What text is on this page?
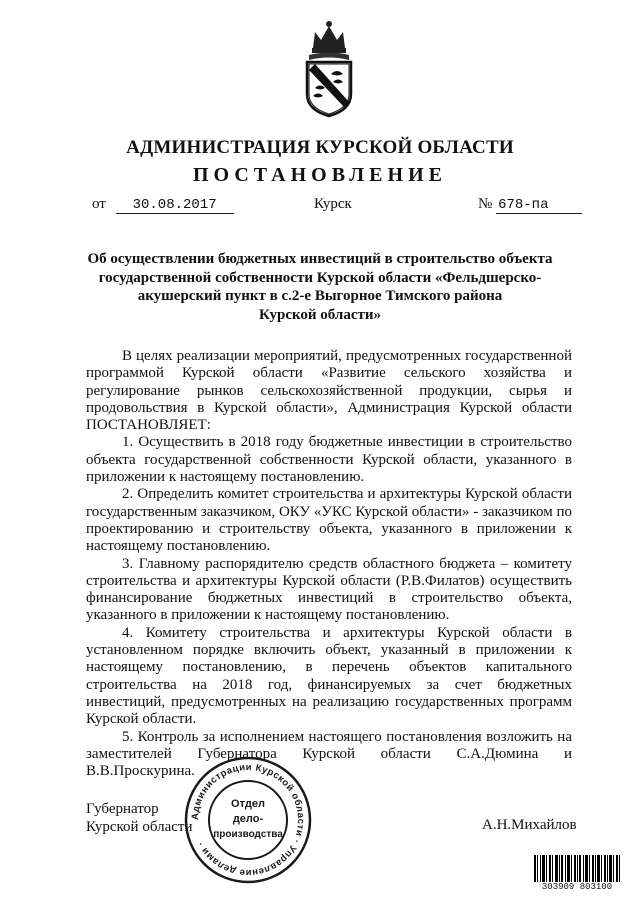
АДМИНИСТРАЦИЯ КУРСКОЙ ОБЛАСТИ
ПОСТАНОВЛЕНИЕ
от 30.08.2017	Курск	№ 678-па
Об осуществлении бюджетных инвестиций в строительство объекта
государственной собственности Курской области «Фельдшерско-
акушерский пункт в с.2-е Выгорное Тимского района
Курской области»

В целях реализации мероприятий, предусмотренных государственной программой Курской области «Развитие сельского хозяйства и регулирование рынков сельскохозяйственной продукции, сырья и продовольствия в Курской области», Администрация Курской области ПОСТАНОВЛЯЕТ:

1. Осуществить в 2018 году бюджетные инвестиции в строительство объекта государственной собственности Курской области, указанного в приложении к настоящему постановлению.

2. Определить комитет строительства и архитектуры Курской области государственным заказчиком, ОКУ «УКС Курской области» - заказчиком по проектированию и строительству объекта, указанного в приложении к настоящему постановлению.

3. Главному распорядителю средств областного бюджета – комитету строительства и архитектуры Курской области (Р.В.Филатов) осуществить финансирование бюджетных инвестиций в строительство объекта, указанного в приложении к настоящему постановлению.

4. Комитету строительства и архитектуры Курской области в установленном порядке включить объект, указанный в приложении к настоящему постановлению, в перечень объектов капитального строительства на 2018 год, финансируемых за счет бюджетных инвестиций, предусмотренных на реализацию государственных программ Курской области.

5. Контроль за исполнением настоящего постановления возложить на заместителей Губернатора Курской области С.А.Дюмина и В.В.Проскурина.

Губернатор
Курской области	А.Н.Михайлов
Администрации Курской области · Управление делами ·
Отдел
дело-
производства
303909 803100
